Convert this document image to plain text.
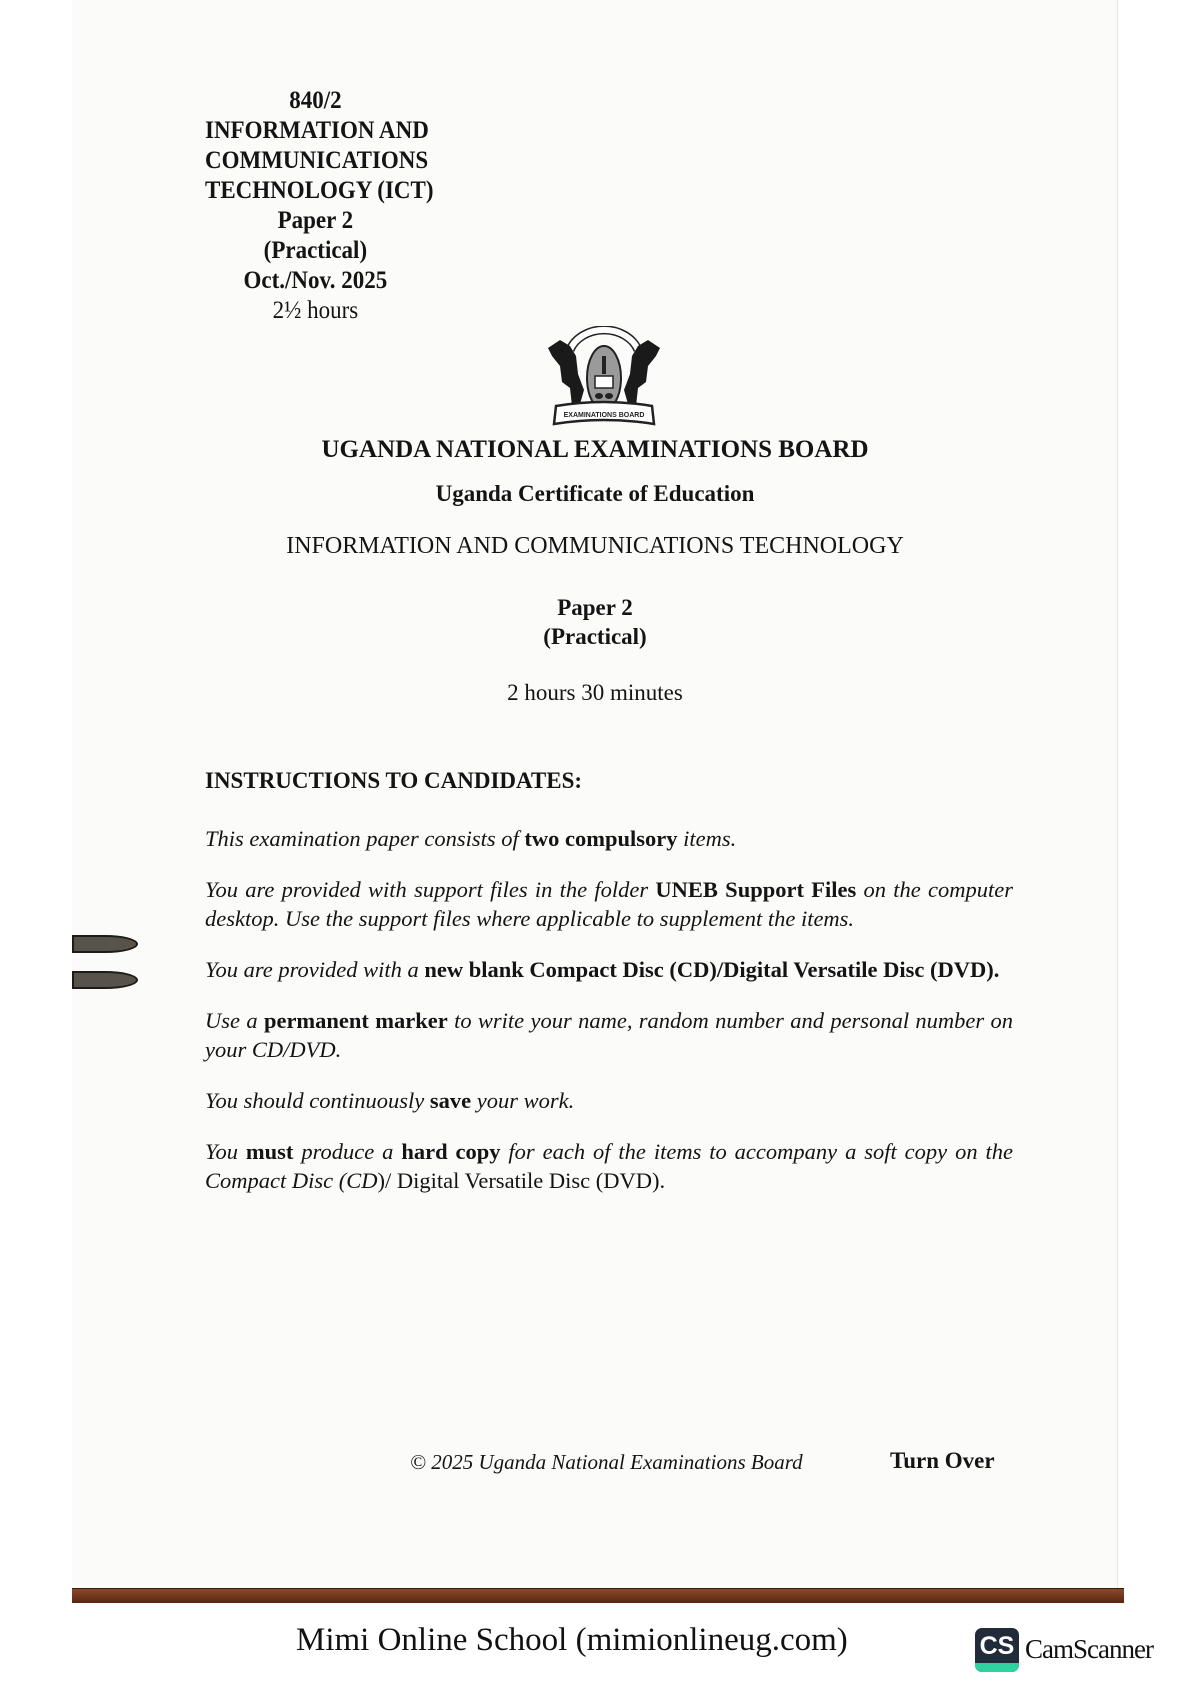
840/2
INFORMATION AND
COMMUNICATIONS
TECHNOLOGY (ICT)
Paper 2
(Practical)
Oct./Nov. 2025
2½ hours
EXAMINATIONS BOARD
UGANDA NATIONAL EXAMINATIONS BOARD
Uganda Certificate of Education
INFORMATION AND COMMUNICATIONS TECHNOLOGY
Paper 2
(Practical)
2 hours 30 minutes
INSTRUCTIONS TO CANDIDATES:

This examination paper consists of two compulsory items.

You are provided with support files in the folder UNEB Support Files on the computer desktop. Use the support files where applicable to supplement the items.

You are provided with a new blank Compact Disc (CD)/Digital Versatile Disc (DVD).

Use a permanent marker to write your name, random number and personal number on your CD/DVD.

You should continuously save your work.

You must produce a hard copy for each of the items to accompany a soft copy on the Compact Disc (CD)/ Digital Versatile Disc (DVD).

© 2025 Uganda National Examinations Board	Turn Over
Mimi Online School (mimionlineug.com)	CS CamScanner
